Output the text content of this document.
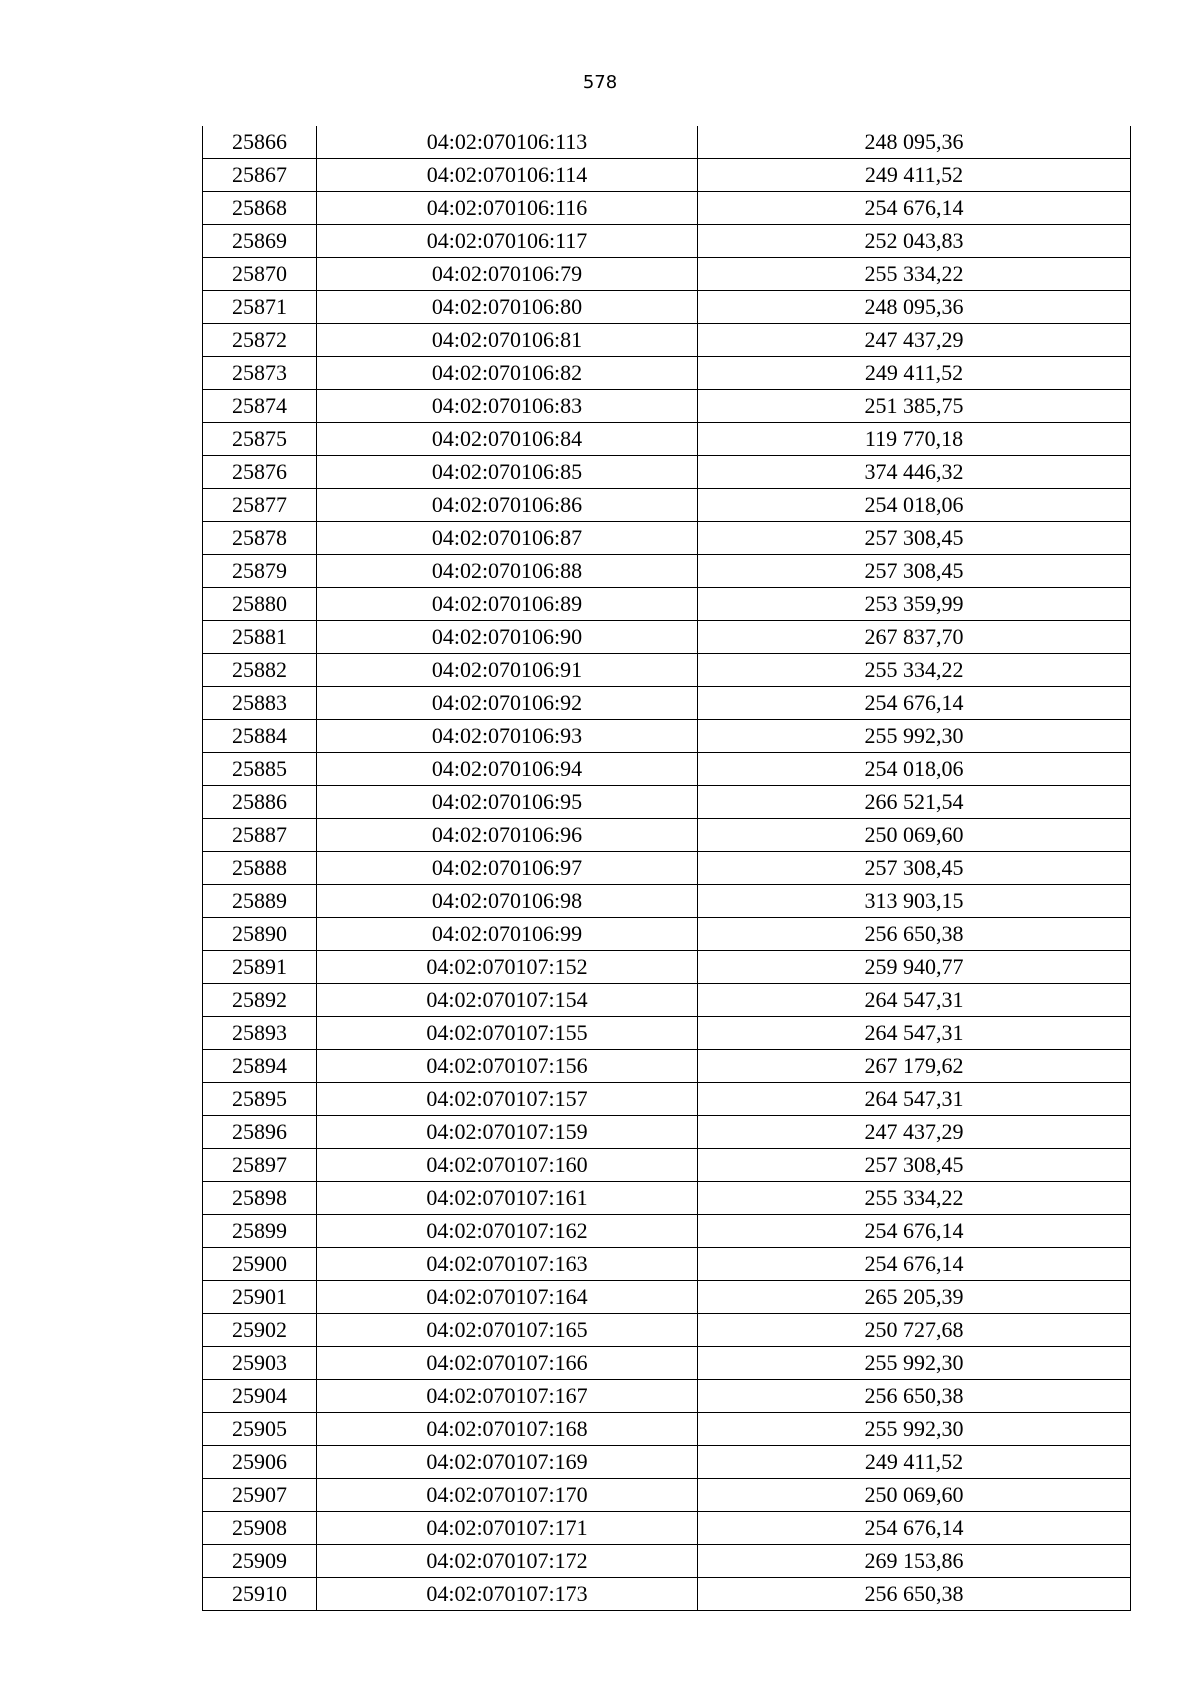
578
25866	04:02:070106:113	248 095,36
25867	04:02:070106:114	249 411,52
25868	04:02:070106:116	254 676,14
25869	04:02:070106:117	252 043,83
25870	04:02:070106:79	255 334,22
25871	04:02:070106:80	248 095,36
25872	04:02:070106:81	247 437,29
25873	04:02:070106:82	249 411,52
25874	04:02:070106:83	251 385,75
25875	04:02:070106:84	119 770,18
25876	04:02:070106:85	374 446,32
25877	04:02:070106:86	254 018,06
25878	04:02:070106:87	257 308,45
25879	04:02:070106:88	257 308,45
25880	04:02:070106:89	253 359,99
25881	04:02:070106:90	267 837,70
25882	04:02:070106:91	255 334,22
25883	04:02:070106:92	254 676,14
25884	04:02:070106:93	255 992,30
25885	04:02:070106:94	254 018,06
25886	04:02:070106:95	266 521,54
25887	04:02:070106:96	250 069,60
25888	04:02:070106:97	257 308,45
25889	04:02:070106:98	313 903,15
25890	04:02:070106:99	256 650,38
25891	04:02:070107:152	259 940,77
25892	04:02:070107:154	264 547,31
25893	04:02:070107:155	264 547,31
25894	04:02:070107:156	267 179,62
25895	04:02:070107:157	264 547,31
25896	04:02:070107:159	247 437,29
25897	04:02:070107:160	257 308,45
25898	04:02:070107:161	255 334,22
25899	04:02:070107:162	254 676,14
25900	04:02:070107:163	254 676,14
25901	04:02:070107:164	265 205,39
25902	04:02:070107:165	250 727,68
25903	04:02:070107:166	255 992,30
25904	04:02:070107:167	256 650,38
25905	04:02:070107:168	255 992,30
25906	04:02:070107:169	249 411,52
25907	04:02:070107:170	250 069,60
25908	04:02:070107:171	254 676,14
25909	04:02:070107:172	269 153,86
25910	04:02:070107:173	256 650,38
